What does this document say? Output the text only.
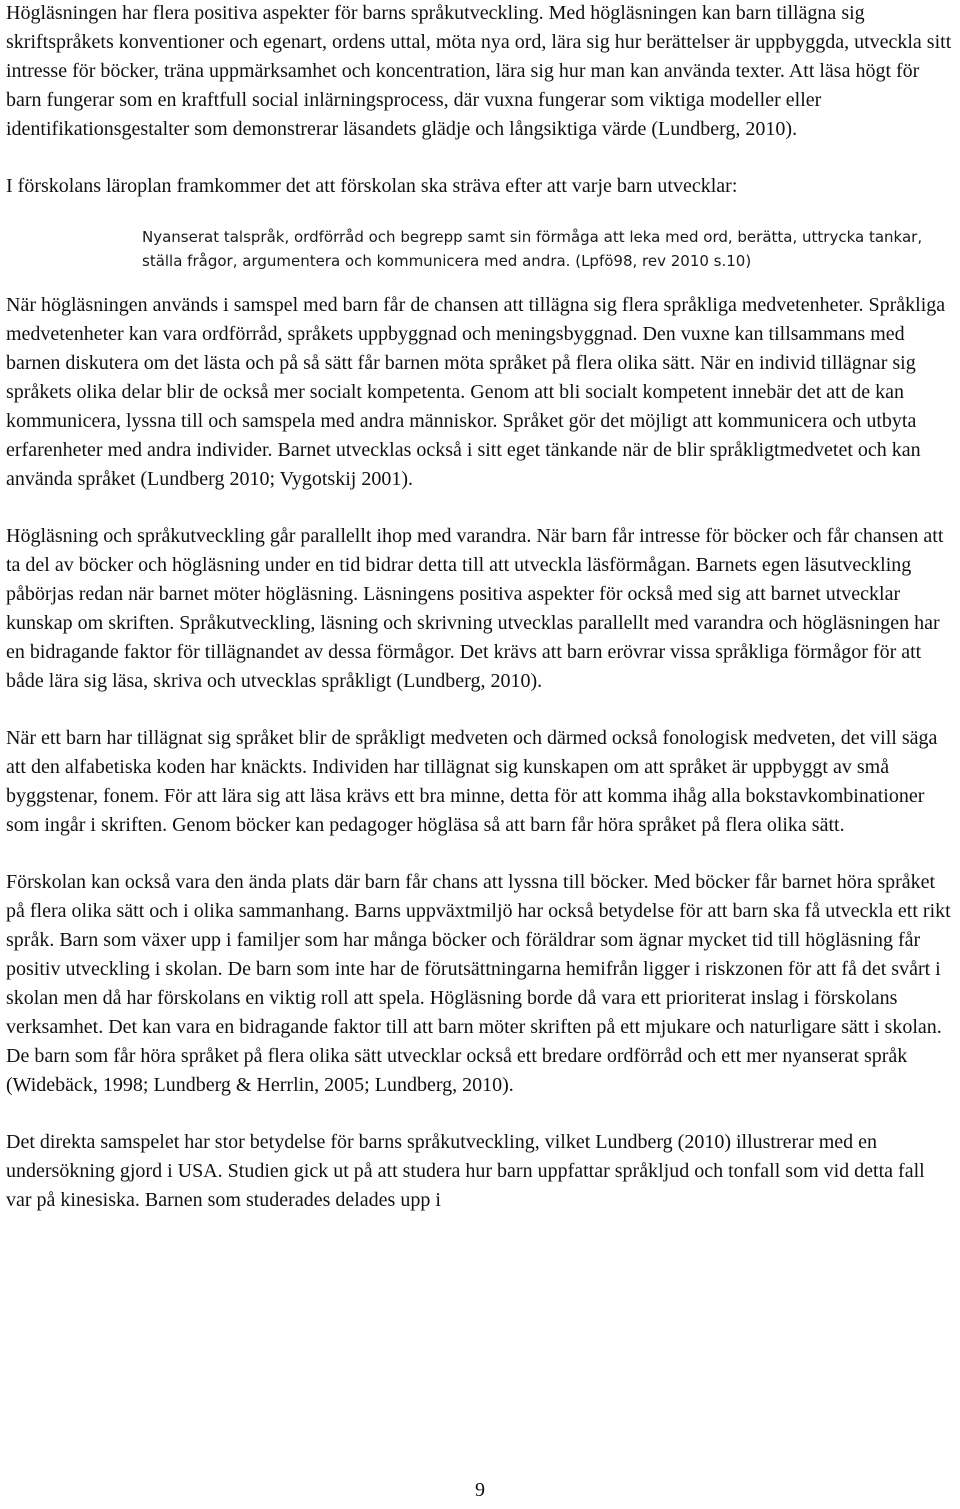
Högläsningen har flera positiva aspekter för barns språkutveckling. Med högläsningen kan barn tillägna sig skriftspråkets konventioner och egenart, ordens uttal, möta nya ord, lära sig hur berättelser är uppbyggda, utveckla sitt intresse för böcker, träna uppmärksamhet och koncentration, lära sig hur man kan använda texter. Att läsa högt för barn fungerar som en kraftfull social inlärningsprocess, där vuxna fungerar som viktiga modeller eller identifikationsgestalter som demonstrerar läsandets glädje och långsiktiga värde (Lundberg, 2010).

I förskolans läroplan framkommer det att förskolan ska sträva efter att varje barn utvecklar:

Nyanserat talspråk, ordförråd och begrepp samt sin förmåga att leka med ord, berätta, uttrycka tankar, ställa frågor, argumentera och kommunicera med andra. (Lpfö98, rev 2010 s.10)

När högläsningen används i samspel med barn får de chansen att tillägna sig flera språkliga medvetenheter. Språkliga medvetenheter kan vara ordförråd, språkets uppbyggnad och meningsbyggnad. Den vuxne kan tillsammans med barnen diskutera om det lästa och på så sätt får barnen möta språket på flera olika sätt. När en individ tillägnar sig språkets olika delar blir de också mer socialt kompetenta. Genom att bli socialt kompetent innebär det att de kan kommunicera, lyssna till och samspela med andra människor. Språket gör det möjligt att kommunicera och utbyta erfarenheter med andra individer. Barnet utvecklas också i sitt eget tänkande när de blir språkligtmedvetet och kan använda språket (Lundberg 2010; Vygotskij 2001).

Högläsning och språkutveckling går parallellt ihop med varandra. När barn får intresse för böcker och får chansen att ta del av böcker och högläsning under en tid bidrar detta till att utveckla läsförmågan. Barnets egen läsutveckling påbörjas redan när barnet möter högläsning. Läsningens positiva aspekter för också med sig att barnet utvecklar kunskap om skriften. Språkutveckling, läsning och skrivning utvecklas parallellt med varandra och högläsningen har en bidragande faktor för tillägnandet av dessa förmågor. Det krävs att barn erövrar vissa språkliga förmågor för att både lära sig läsa, skriva och utvecklas språkligt (Lundberg, 2010).

När ett barn har tillägnat sig språket blir de språkligt medveten och därmed också fonologisk medveten, det vill säga att den alfabetiska koden har knäckts. Individen har tillägnat sig kunskapen om att språket är uppbyggt av små byggstenar, fonem. För att lära sig att läsa krävs ett bra minne, detta för att komma ihåg alla bokstavkombinationer som ingår i skriften. Genom böcker kan pedagoger högläsa så att barn får höra språket på flera olika sätt.

Förskolan kan också vara den ända plats där barn får chans att lyssna till böcker. Med böcker får barnet höra språket på flera olika sätt och i olika sammanhang. Barns uppväxtmiljö har också betydelse för att barn ska få utveckla ett rikt språk. Barn som växer upp i familjer som har många böcker och föräldrar som ägnar mycket tid till högläsning får positiv utveckling i skolan. De barn som inte har de förutsättningarna hemifrån ligger i riskzonen för att få det svårt i skolan men då har förskolans en viktig roll att spela. Högläsning borde då vara ett prioriterat inslag i förskolans verksamhet. Det kan vara en bidragande faktor till att barn möter skriften på ett mjukare och naturligare sätt i skolan. De barn som får höra språket på flera olika sätt utvecklar också ett bredare ordförråd och ett mer nyanserat språk (Widebäck, 1998; Lundberg & Herrlin, 2005; Lundberg, 2010).

Det direkta samspelet har stor betydelse för barns språkutveckling, vilket Lundberg (2010) illustrerar med en undersökning gjord i USA. Studien gick ut på att studera hur barn uppfattar språkljud och tonfall som vid detta fall var på kinesiska. Barnen som studerades delades upp i

9
